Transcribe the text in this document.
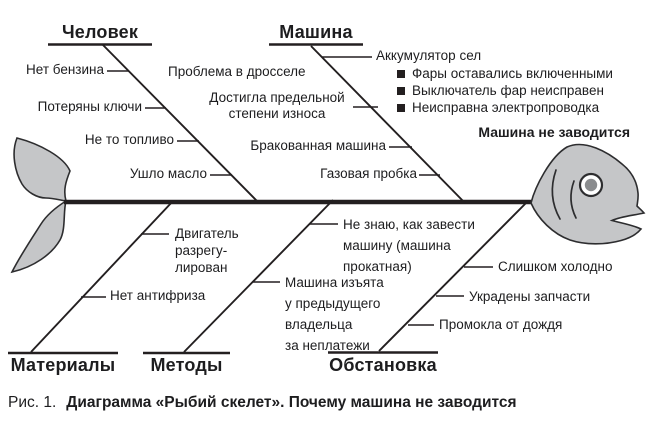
Человек	Машина
Материалы	Методы	Обстановка
Машина не заводится
Нет бензина
Потеряны ключи
Не то топливо
Ушло масло
Проблема в дросселе
Аккумулятор сел
Фары оставались включенными
Выключатель фар неисправен
Неисправна электропроводка
Достигла предельной
степени износа
Бракованная машина
Газовая пробка
Двигатель
разрегу-
лирован
Нет антифриза
Не знаю, как завести
машину (машина
прокатная)
Машина изъята
у предыдущего
владельца
за неплатежи
Слишком холодно
Украдены запчасти
Промокла от дождя
Рис. 1. Диаграмма «Рыбий скелет». Почему машина не заводится
